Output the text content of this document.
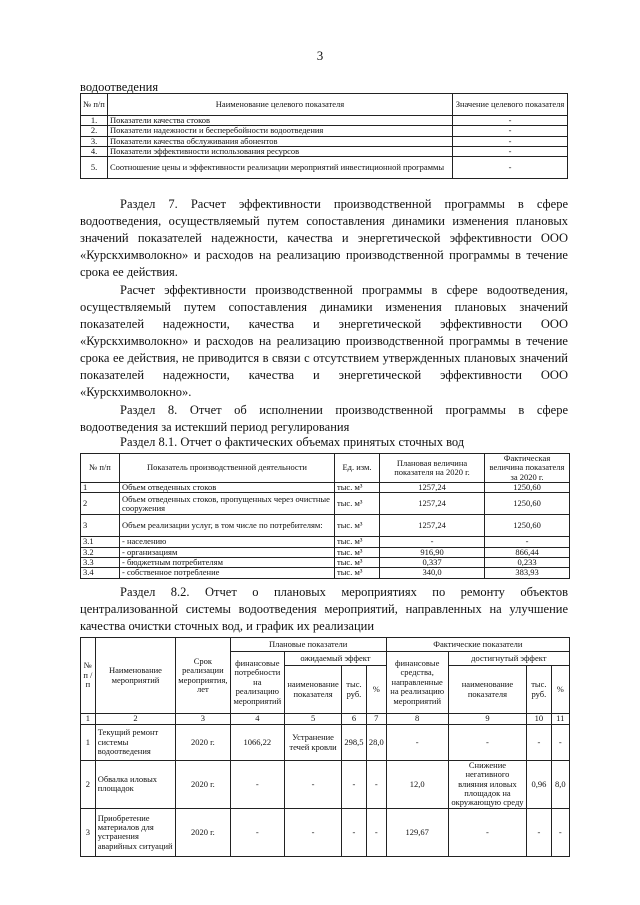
3
водоотведения
№ п/п	Наименование целевого показателя	Значение целевого показателя
1.	Показатели качества стоков	-
2.	Показатели надежности и бесперебойности водоотведения	-
3.	Показатели качества обслуживания абонентов	-
4.	Показатели эффективности использования ресурсов	-
5.	Соотношение цены и эффективности реализации мероприятий инвестиционной программы	-
Раздел 7. Расчет эффективности производственной программы в сфере водоотведения, осуществляемый путем сопоставления динамики изменения плановых значений показателей надежности, качества и энергетической эффективности ООО «Курскхимволокно» и расходов на реализацию производственной программы в течение срока ее действия.
Расчет эффективности производственной программы в сфере водоотведения, осуществляемый путем сопоставления динамики изменения плановых значений показателей надежности, качества и энергетической эффективности ООО «Курскхимволокно» и расходов на реализацию производственной программы в течение срока ее действия, не приводится в связи с отсутствием утвержденных плановых значений показателей надежности, качества и энергетической эффективности ООО «Курскхимволокно».
Раздел 8. Отчет об исполнении производственной программы в сфере водоотведения за истекший период регулирования
Раздел 8.1. Отчет о фактических объемах принятых сточных вод
№ п/п	Показатель производственной деятельности	Ед. изм.	Плановая величина показателя на 2020 г.	Фактическая величина показателя за 2020 г.
1	Объем отведенных стоков	тыс. м³	1257,24	1250,60
2	Объем отведенных стоков, пропущенных через очистные сооружения	тыс. м³	1257,24	1250,60
3	Объем реализации услуг, в том числе по потребителям:	тыс. м³	1257,24	1250,60
3.1	- населению	тыс. м³	-	-
3.2	- организациям	тыс. м³	916,90	866,44
3.3	- бюджетным потребителям	тыс. м³	0,337	0,233
3.4	- собственное потребление	тыс. м³	340,0	383,93
Раздел 8.2. Отчет о плановых мероприятиях по ремонту объектов централизованной системы водоотведения мероприятий, направленных на улучшение качества очистки сточных вод, и график их реализации
№ п / п	Наименование мероприятий	Срок реализации мероприятия, лет	Плановые показатели				Фактические показатели			
			финансовые потребности на реализацию мероприятий	ожидаемый эффект			финансовые средства, направленные на реализацию мероприятий	достигнутый эффект		
				наименование показателя	тыс. руб.	%		наименование показателя	тыс. руб.	%
1	2	3	4	5	6	7	8	9	10	11
1	Текущий ремонт системы водоотведения	2020 г.	1066,22	Устранение течей кровли	298,5	28,0	-	-	-	-
2	Обвалка иловых площадок	2020 г.	-	-	-	-	12,0	Снижение негативного влияния иловых площадок на окружающую среду	0,96	8,0
3	Приобретение материалов для устранения аварийных ситуаций	2020 г.	-	-	-	-	129,67	-	-	-
